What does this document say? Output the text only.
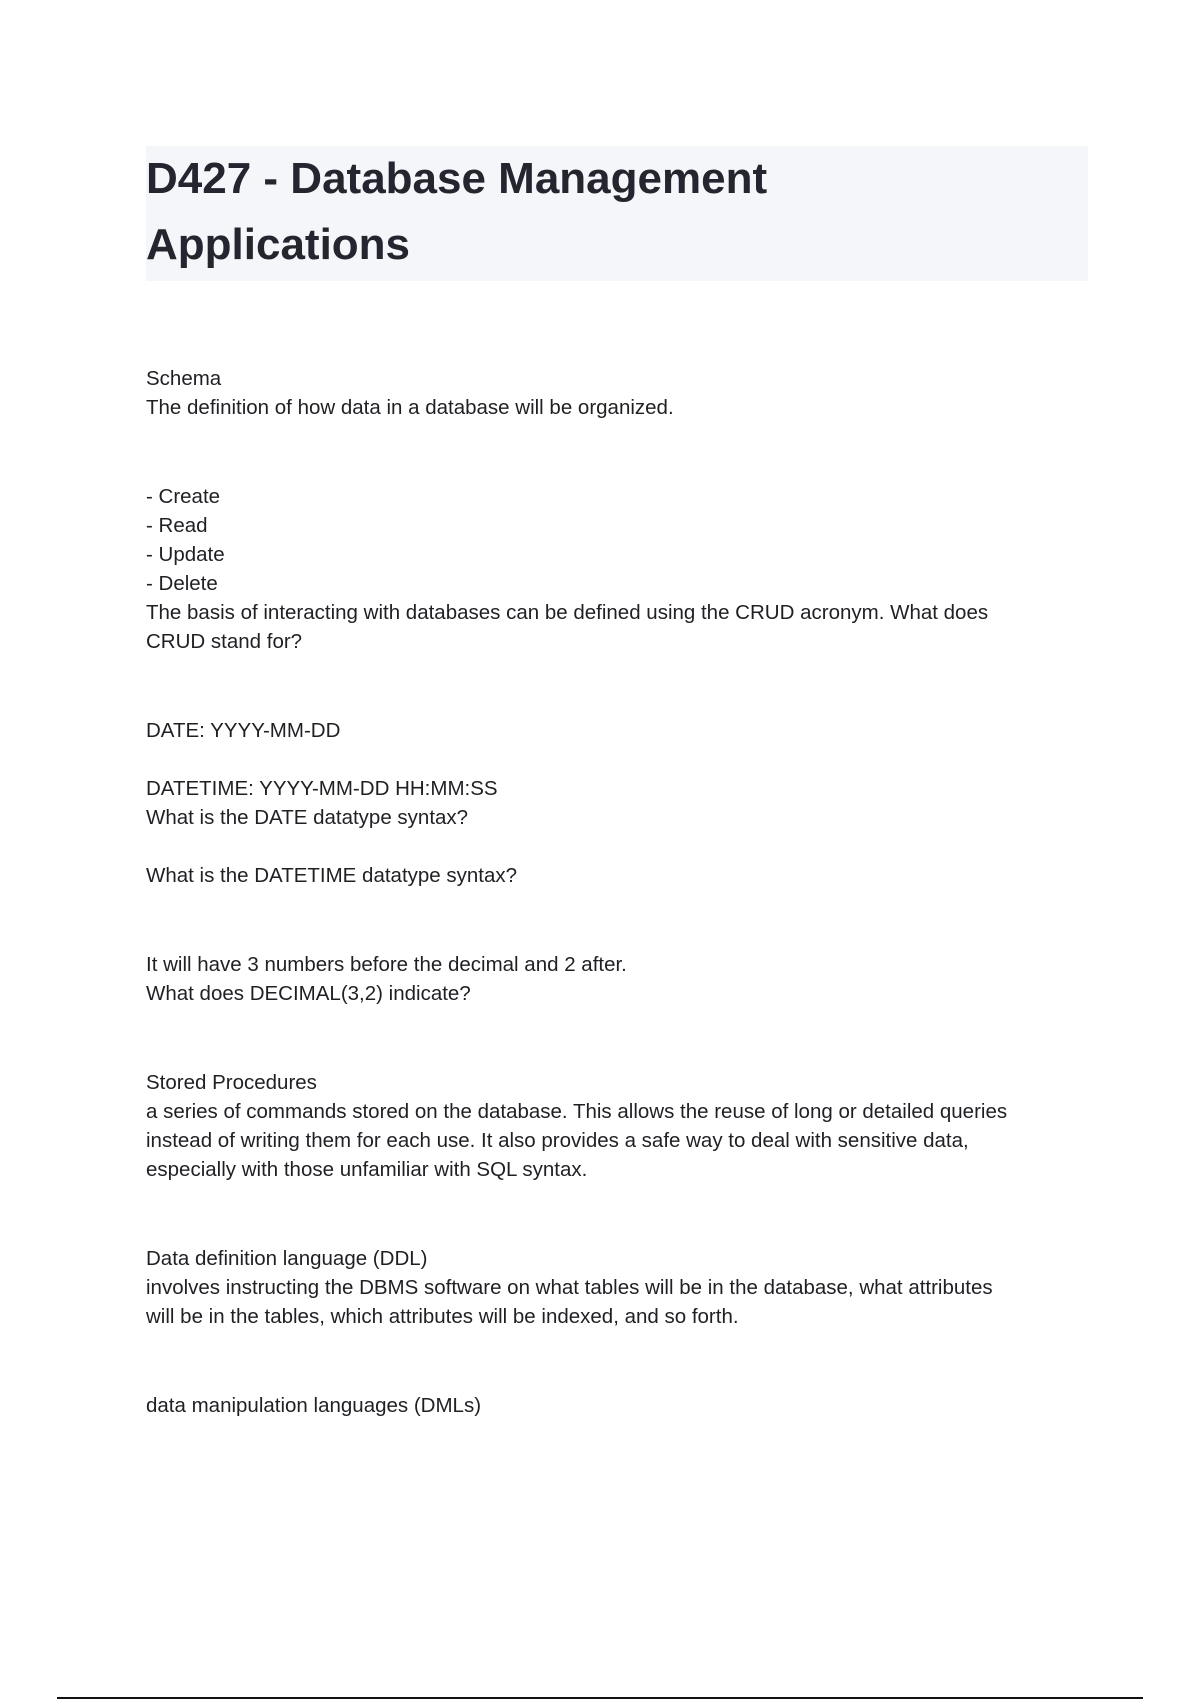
D427 - Database Management
Applications
Schema
The definition of how data in a database will be organized.
- Create
- Read
- Update
- Delete
The basis of interacting with databases can be defined using the CRUD acronym. What does
CRUD stand for?
DATE: YYYY-MM-DD
DATETIME: YYYY-MM-DD HH:MM:SS
What is the DATE datatype syntax?
What is the DATETIME datatype syntax?
It will have 3 numbers before the decimal and 2 after.
What does DECIMAL(3,2) indicate?
Stored Procedures
a series of commands stored on the database. This allows the reuse of long or detailed queries
instead of writing them for each use. It also provides a safe way to deal with sensitive data,
especially with those unfamiliar with SQL syntax.
Data definition language (DDL)
involves instructing the DBMS software on what tables will be in the database, what attributes
will be in the tables, which attributes will be indexed, and so forth.
data manipulation languages (DMLs)
